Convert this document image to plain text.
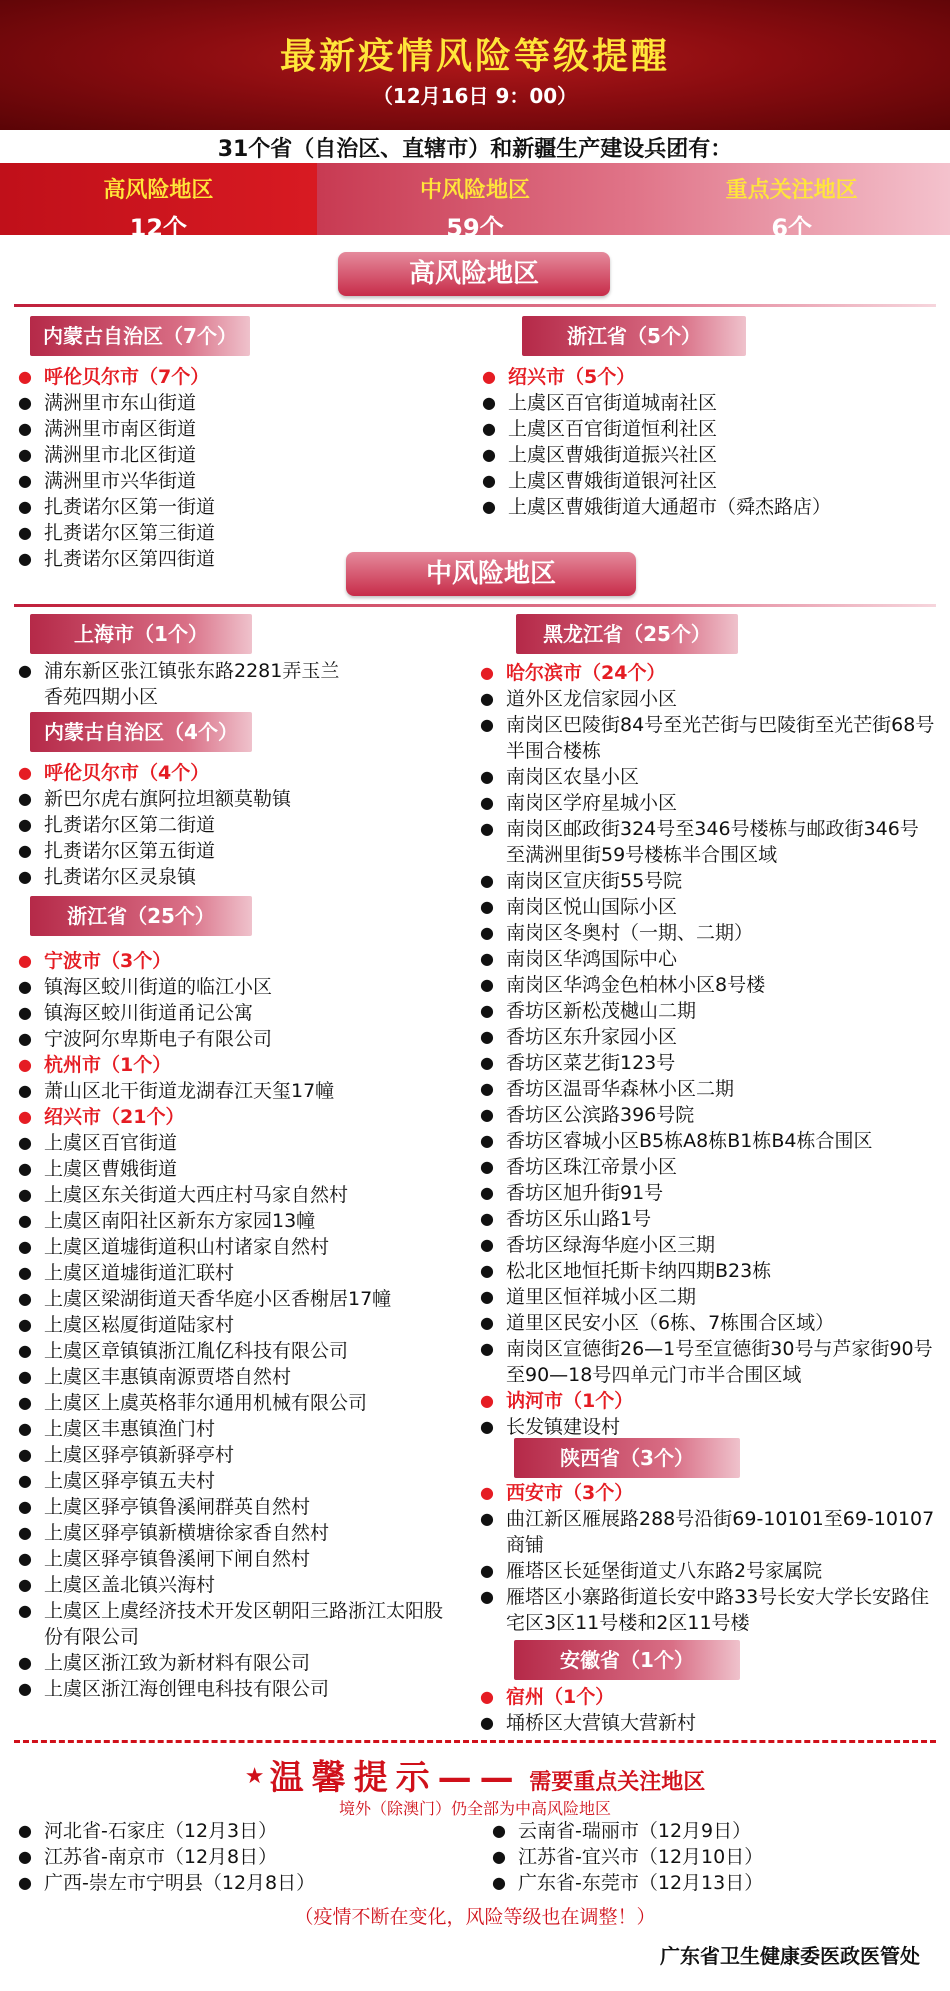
最新疫情风险等级提醒
（12月16日 9：00）
31个省（自治区、直辖市）和新疆生产建设兵团有：
高风险地区
12个
中风险地区
59个
重点关注地区
6个
高风险地区
内蒙古自治区（7个）
● 呼伦贝尔市（7个）
● 满洲里市东山街道
● 满洲里市南区街道
● 满洲里市北区街道
● 满洲里市兴华街道
● 扎赉诺尔区第一街道
● 扎赉诺尔区第三街道
● 扎赉诺尔区第四街道
浙江省（5个）
● 绍兴市（5个）
● 上虞区百官街道城南社区
● 上虞区百官街道恒利社区
● 上虞区曹娥街道振兴社区
● 上虞区曹娥街道银河社区
● 上虞区曹娥街道大通超市（舜杰路店）
中风险地区
上海市（1个）
● 浦东新区张江镇张东路2281弄玉兰香苑四期小区
内蒙古自治区（4个）
● 呼伦贝尔市（4个）
● 新巴尔虎右旗阿拉坦额莫勒镇
● 扎赉诺尔区第二街道
● 扎赉诺尔区第五街道
● 扎赉诺尔区灵泉镇
浙江省（25个）
● 宁波市（3个）
● 镇海区蛟川街道的临江小区
● 镇海区蛟川街道甬记公寓
● 宁波阿尔卑斯电子有限公司
● 杭州市（1个）
● 萧山区北干街道龙湖春江天玺17幢
● 绍兴市（21个）
● 上虞区百官街道
● 上虞区曹娥街道
● 上虞区东关街道大西庄村马家自然村
● 上虞区南阳社区新东方家园13幢
● 上虞区道墟街道积山村诸家自然村
● 上虞区道墟街道汇联村
● 上虞区梁湖街道天香华庭小区香榭居17幢
● 上虞区崧厦街道陆家村
● 上虞区章镇镇浙江胤亿科技有限公司
● 上虞区丰惠镇南源贾塔自然村
● 上虞区上虞英格菲尔通用机械有限公司
● 上虞区丰惠镇渔门村
● 上虞区驿亭镇新驿亭村
● 上虞区驿亭镇五夫村
● 上虞区驿亭镇鲁溪闸群英自然村
● 上虞区驿亭镇新横塘徐家香自然村
● 上虞区驿亭镇鲁溪闸下闸自然村
● 上虞区盖北镇兴海村
● 上虞区上虞经济技术开发区朝阳三路浙江太阳股份有限公司
● 上虞区浙江致为新材料有限公司
● 上虞区浙江海创锂电科技有限公司
黑龙江省（25个）
● 哈尔滨市（24个）
● 道外区龙信家园小区
● 南岗区巴陵街84号至光芒街与巴陵街至光芒街68号半围合楼栋
● 南岗区农垦小区
● 南岗区学府星城小区
● 南岗区邮政街324号至346号楼栋与邮政街346号至满洲里街59号楼栋半合围区域
● 南岗区宣庆街55号院
● 南岗区悦山国际小区
● 南岗区冬奥村（一期、二期）
● 南岗区华鸿国际中心
● 南岗区华鸿金色柏林小区8号楼
● 香坊区新松茂樾山二期
● 香坊区东升家园小区
● 香坊区菜艺街123号
● 香坊区温哥华森林小区二期
● 香坊区公滨路396号院
● 香坊区睿城小区B5栋A8栋B1栋B4栋合围区
● 香坊区珠江帝景小区
● 香坊区旭升街91号
● 香坊区乐山路1号
● 香坊区绿海华庭小区三期
● 松北区地恒托斯卡纳四期B23栋
● 道里区恒祥城小区二期
● 道里区民安小区（6栋、7栋围合区域）
● 南岗区宣德街26—1号至宣德街30号与芦家街90号至90—18号四单元门市半合围区域
● 讷河市（1个）
● 长发镇建设村
陕西省（3个）
● 西安市（3个）
● 曲江新区雁展路288号沿街69-10101至69-10107商铺
● 雁塔区长延堡街道丈八东路2号家属院
● 雁塔区小寨路街道长安中路33号长安大学长安路住宅区3区11号楼和2区11号楼
安徽省（1个）
● 宿州（1个）
● 埇桥区大营镇大营新村
★ 温馨提示—— 需要重点关注地区
境外（除澳门）仍全部为中高风险地区
● 河北省-石家庄（12月3日）
● 江苏省-南京市（12月8日）
● 广西-崇左市宁明县（12月8日）
● 云南省-瑞丽市（12月9日）
● 江苏省-宜兴市（12月10日）
● 广东省-东莞市（12月13日）
（疫情不断在变化，风险等级也在调整！）
广东省卫生健康委医政医管处
